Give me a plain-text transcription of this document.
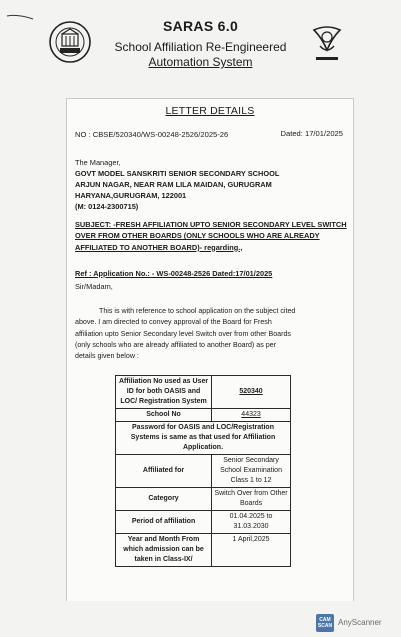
SARAS 6.0
School Affiliation Re-Engineered
Automation System
LETTER DETAILS
NO : CBSE/520340/WS-00248-2526/2025-26	Dated: 17/01/2025
The Manager,
GOVT MODEL SANSKRITI SENIOR SECONDARY SCHOOL
ARJUN NAGAR, NEAR RAM LILA MAIDAN, GURUGRAM
HARYANA,GURUGRAM, 122001
(M: 0124-2300715)
SUBJECT: -FRESH AFFILIATION UPTO SENIOR SECONDARY LEVEL SWITCH OVER FROM OTHER BOARDS (ONLY SCHOOLS WHO ARE ALREADY AFFILIATED TO ANOTHER BOARD)- regarding.,
Ref : Application No.: - WS-00248-2526 Dated:17/01/2025
Sir/Madam,
This is with reference to school application on the subject cited
above. I am directed to convey approval of the Board for Fresh
affiliation upto Senior Secondary level Switch over from other Boards
(only schools who are already affiliated to another Board) as per
details given below :
Affiliation No used as User ID for both OASIS and LOC/ Registration System	520340
School No	44323
Password for OASIS and LOC/Registration Systems is same as that used for Affiliation Application.	
Affiliated for	Senior Secondary School Examination Class 1 to 12
Category	Switch Over from Other Boards
Period of affiliation	01.04.2025 to 31.03.2030
Year and Month From which admission can be taken in Class-IX/	1 April,2025
CAM SCAN AnyScanner
